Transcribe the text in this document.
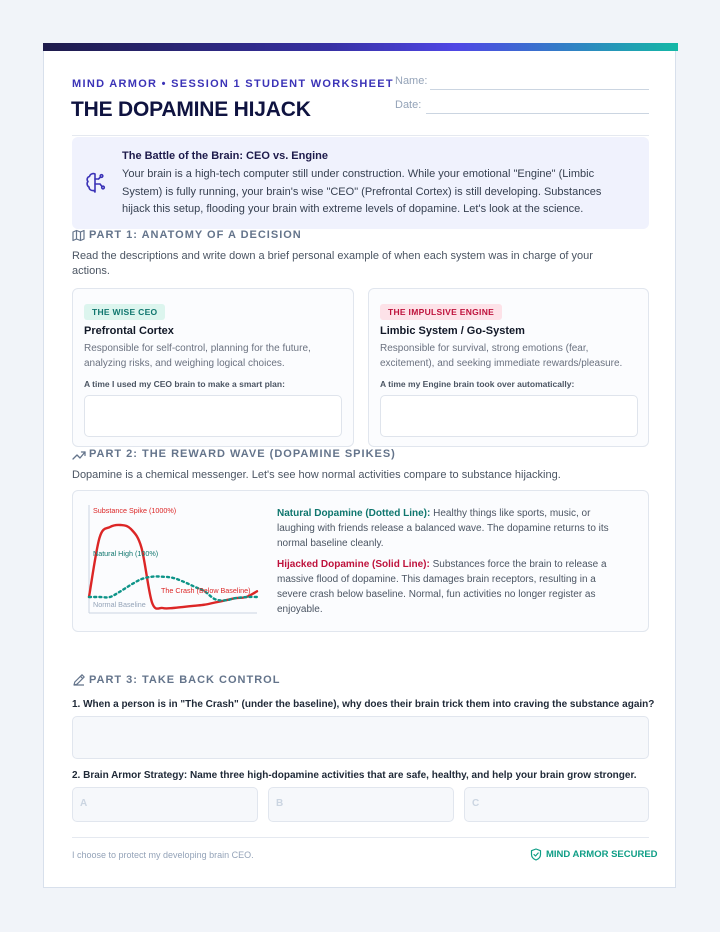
MIND ARMOR • SESSION 1 STUDENT WORKSHEET
THE DOPAMINE HIJACK
Name:
Date:
The Battle of the Brain: CEO vs. Engine
Your brain is a high-tech computer still under construction. While your emotional "Engine" (Limbic System) is fully running, your brain's wise "CEO" (Prefrontal Cortex) is still developing. Substances hijack this setup, flooding your brain with extreme levels of dopamine. Let's look at the science.
PART 1: ANATOMY OF A DECISION
Read the descriptions and write down a brief personal example of when each system was in charge of your actions.
THE WISE CEO
Prefrontal Cortex
Responsible for self-control, planning for the future, analyzing risks, and weighing logical choices.
A time I used my CEO brain to make a smart plan:
THE IMPULSIVE ENGINE
Limbic System / Go-System
Responsible for survival, strong emotions (fear, excitement), and seeking immediate rewards/pleasure.
A time my Engine brain took over automatically:
PART 2: THE REWARD WAVE (DOPAMINE SPIKES)
Dopamine is a chemical messenger. Let's see how normal activities compare to substance hijacking.
Substance Spike (1000%)
Natural High (100%)
The Crash (Below Baseline)
Normal Baseline
Natural Dopamine (Dotted Line): Healthy things like sports, music, or laughing with friends release a balanced wave. The dopamine returns to its normal baseline cleanly.
Hijacked Dopamine (Solid Line): Substances force the brain to release a massive flood of dopamine. This damages brain receptors, resulting in a severe crash below baseline. Normal, fun activities no longer register as enjoyable.
PART 3: TAKE BACK CONTROL
1. When a person is in "The Crash" (under the baseline), why does their brain trick them into craving the substance again?
2. Brain Armor Strategy: Name three high-dopamine activities that are safe, healthy, and help your brain grow stronger.
A	B	C
I choose to protect my developing brain CEO.	MIND ARMOR SECURED
